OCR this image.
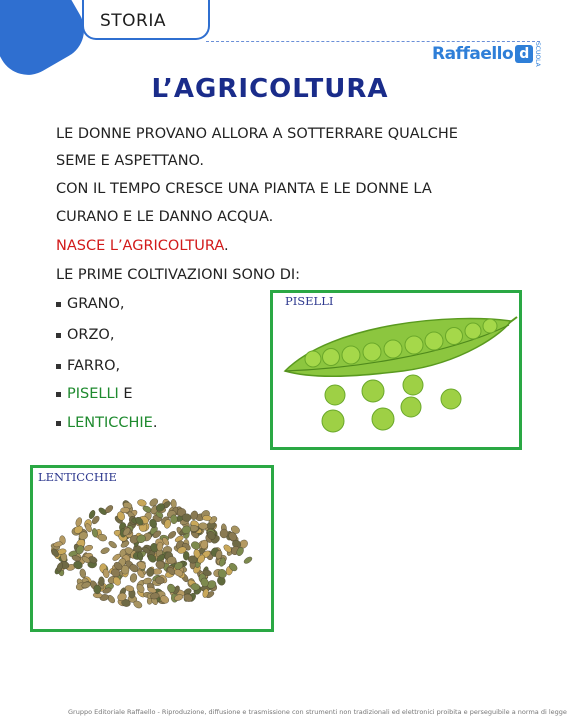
STORIA
Raffaello d SCUOLA
L’AGRICOLTURA
LE DONNE PROVANO ALLORA A SOTTERRARE QUALCHE
SEME E ASPETTANO.
CON IL TEMPO CRESCE UNA PIANTA E LE DONNE LA
CURANO E LE DANNO ACQUA.
NASCE L’AGRICOLTURA.
LE PRIME COLTIVAZIONI SONO DI:
GRANO,
ORZO,
FARRO,
PISELLI E
LENTICCHIE.
PISELLI
LENTICCHIE
Gruppo Editoriale Raffaello - Riproduzione, diffusione e trasmissione con strumenti non tradizionali ed elettronici proibita e perseguibile a norma di legge
